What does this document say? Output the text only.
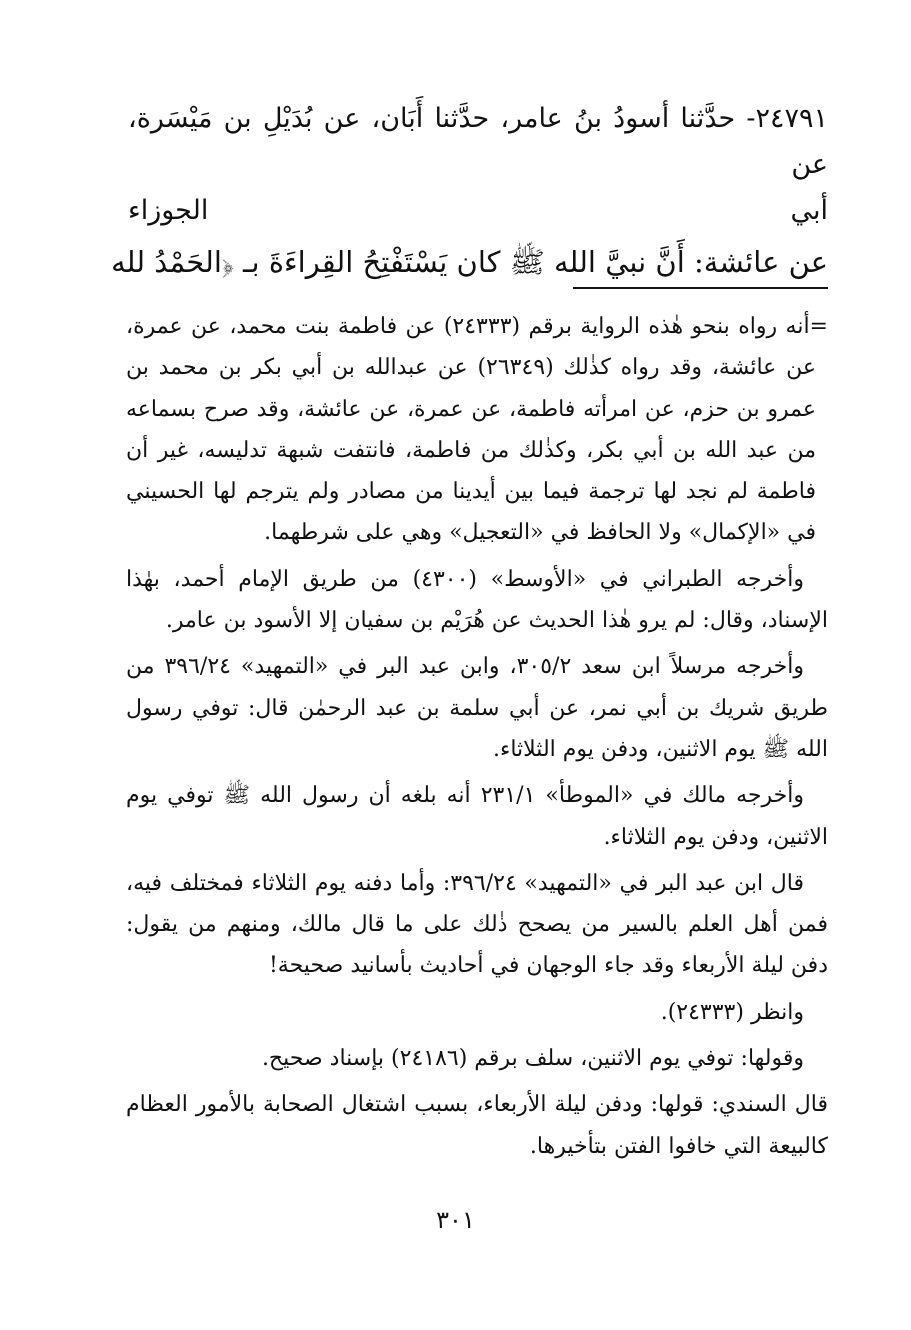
٢٤٧٩١- حدَّثنا أسودُ بنُ عامر، حدَّثنا أَبَان، عن بُدَيْلِ بن مَيْسَرة، عن
أبي الجوزاء

عن عائشة: أَنَّ نبيَّ الله ﷺ كان يَسْتَفْتِحُ القِراءَةَ بـ ﴿الحَمْدُ لله

=أنه رواه بنحو هٰذه الرواية برقم (٢٤٣٣٣) عن فاطمة بنت محمد، عن عمرة، عن عائشة، وقد رواه كذٰلك (٢٦٣٤٩) عن عبدالله بن أبي بكر بن محمد بن عمرو بن حزم، عن امرأته فاطمة، عن عمرة، عن عائشة، وقد صرح بسماعه من عبد الله بن أبي بكر، وكذٰلك من فاطمة، فانتفت شبهة تدليسه، غير أن فاطمة لم نجد لها ترجمة فيما بين أيدينا من مصادر ولم يترجم لها الحسيني في «الإكمال» ولا الحافظ في «التعجيل» وهي على شرطهما.

وأخرجه الطبراني في «الأوسط» (٤٣٠٠) من طريق الإمام أحمد، بهٰذا الإسناد، وقال: لم يرو هٰذا الحديث عن هُرَيْم بن سفيان إلا الأسود بن عامر.

وأخرجه مرسلاً ابن سعد ٣٠٥/٢، وابن عبد البر في «التمهيد» ٣٩٦/٢٤ من طريق شريك بن أبي نمر، عن أبي سلمة بن عبد الرحمٰن قال: توفي رسول الله ﷺ يوم الاثنين، ودفن يوم الثلاثاء.

وأخرجه مالك في «الموطأ» ٢٣١/١ أنه بلغه أن رسول الله ﷺ توفي يوم الاثنين، ودفن يوم الثلاثاء.

قال ابن عبد البر في «التمهيد» ٣٩٦/٢٤: وأما دفنه يوم الثلاثاء فمختلف فيه، فمن أهل العلم بالسير من يصحح ذٰلك على ما قال مالك، ومنهم من يقول: دفن ليلة الأربعاء وقد جاء الوجهان في أحاديث بأسانيد صحيحة!

وانظر (٢٤٣٣٣).

وقولها: توفي يوم الاثنين، سلف برقم (٢٤١٨٦) بإسناد صحيح.

قال السندي: قولها: ودفن ليلة الأربعاء، بسبب اشتغال الصحابة بالأمور العظام كالبيعة التي خافوا الفتن بتأخيرها.

٣٠١
